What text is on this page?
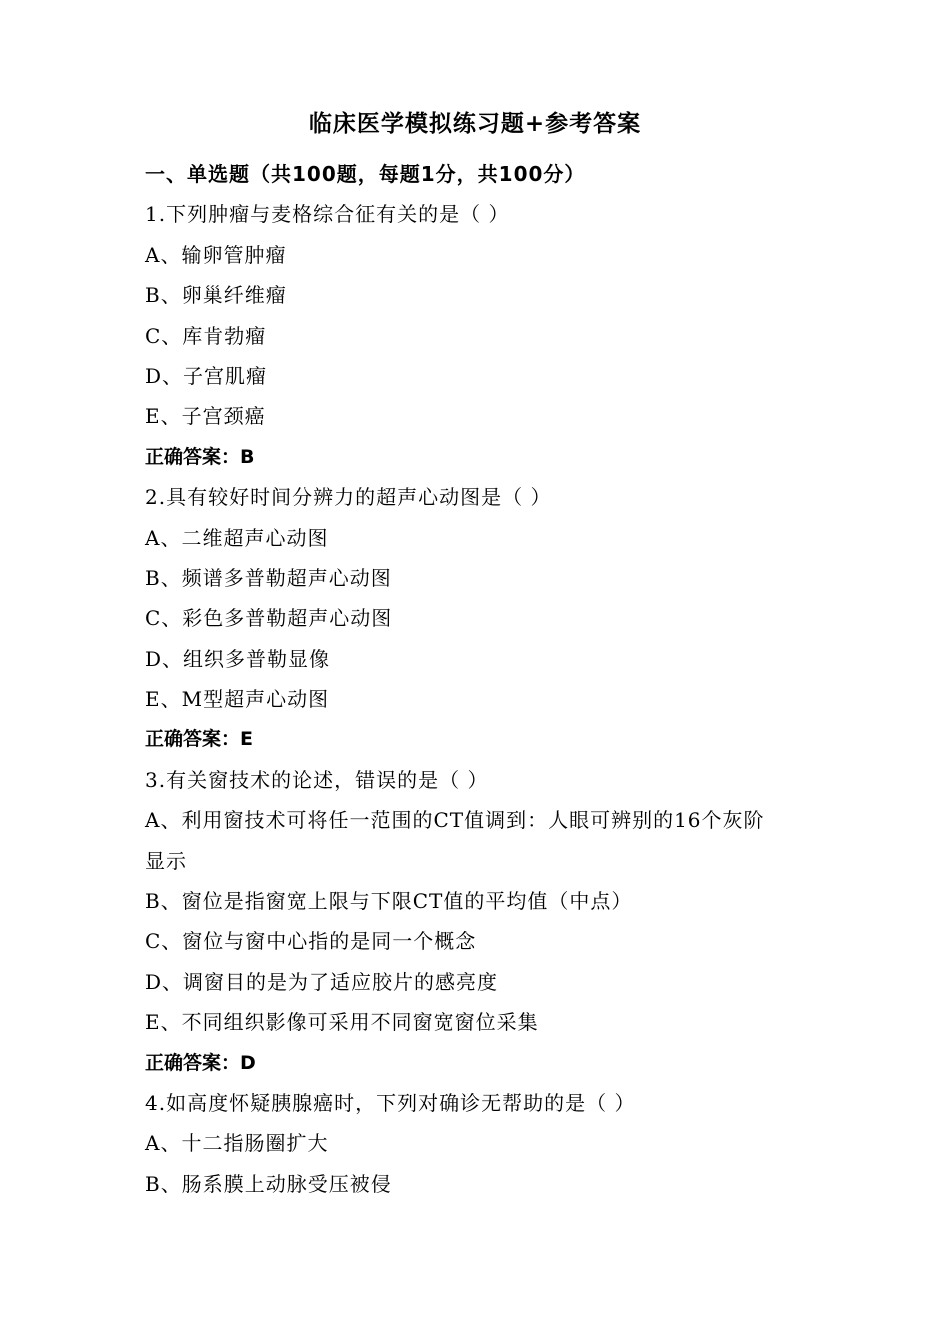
临床医学模拟练习题+参考答案
一、单选题（共100题，每题1分，共100分）
1.下列肿瘤与麦格综合征有关的是（ ）
A、输卵管肿瘤
B、卵巢纤维瘤
C、库肯勃瘤
D、子宫肌瘤
E、子宫颈癌
正确答案：B
2.具有较好时间分辨力的超声心动图是（ ）
A、二维超声心动图
B、频谱多普勒超声心动图
C、彩色多普勒超声心动图
D、组织多普勒显像
E、M型超声心动图
正确答案：E
3.有关窗技术的论述，错误的是（ ）
A、利用窗技术可将任一范围的CT值调到：人眼可辨别的16个灰阶
显示
B、窗位是指窗宽上限与下限CT值的平均值（中点）
C、窗位与窗中心指的是同一个概念
D、调窗目的是为了适应胶片的感亮度
E、不同组织影像可采用不同窗宽窗位采集
正确答案：D
4.如高度怀疑胰腺癌时，下列对确诊无帮助的是（ ）
A、十二指肠圈扩大
B、肠系膜上动脉受压被侵
